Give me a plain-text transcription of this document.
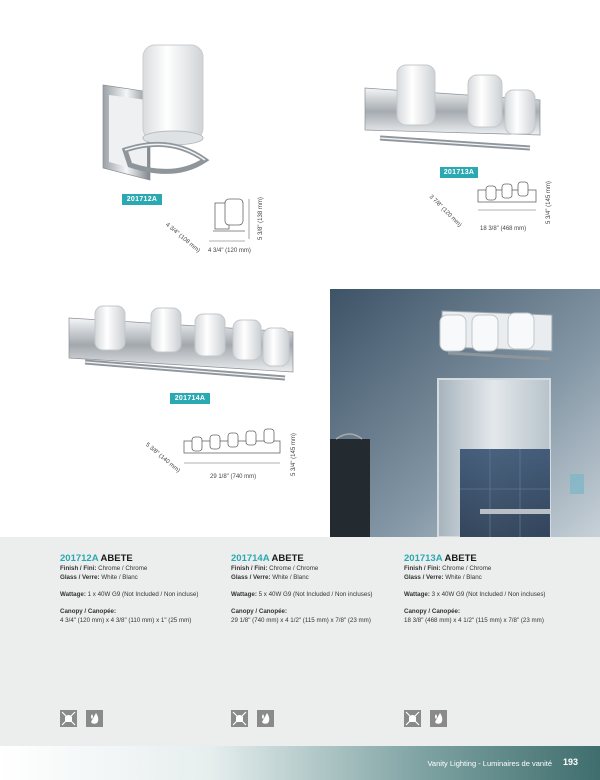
201712A
4 3/4" (108 mm) 4 3/4" (120 mm)
5 3/8" (138 mm)
201713A
3 7/8" (120 mm)
18 3/8" (468 mm)
5 3/4" (145 mm)
201714A
5 3/8" (140 mm)
29 1/8" (740 mm)
5 3/4" (145 mm)
201712A ABETE
Finish / Fini: Chrome / Chrome
Glass / Verre: White / Blanc
Wattage: 1 x 40W G9 (Not Included / Non incluse)
Canopy / Canopée:
4 3/4" (120 mm) x 4 3/8" (110 mm) x 1" (25 mm)
201714A ABETE
Finish / Fini: Chrome / Chrome
Glass / Verre: White / Blanc
Wattage: 5 x 40W G9 (Not Included / Non incluses)
Canopy / Canopée:
29 1/8" (740 mm) x 4 1/2" (115 mm) x 7/8" (23 mm)
201713A ABETE
Finish / Fini: Chrome / Chrome
Glass / Verre: White / Blanc
Wattage: 3 x 40W G9 (Not Included / Non incluses)
Canopy / Canopée:
18 3/8" (468 mm) x 4 1/2" (115 mm) x 7/8" (23 mm)
Vanity Lighting - Luminaires de vanité 193
